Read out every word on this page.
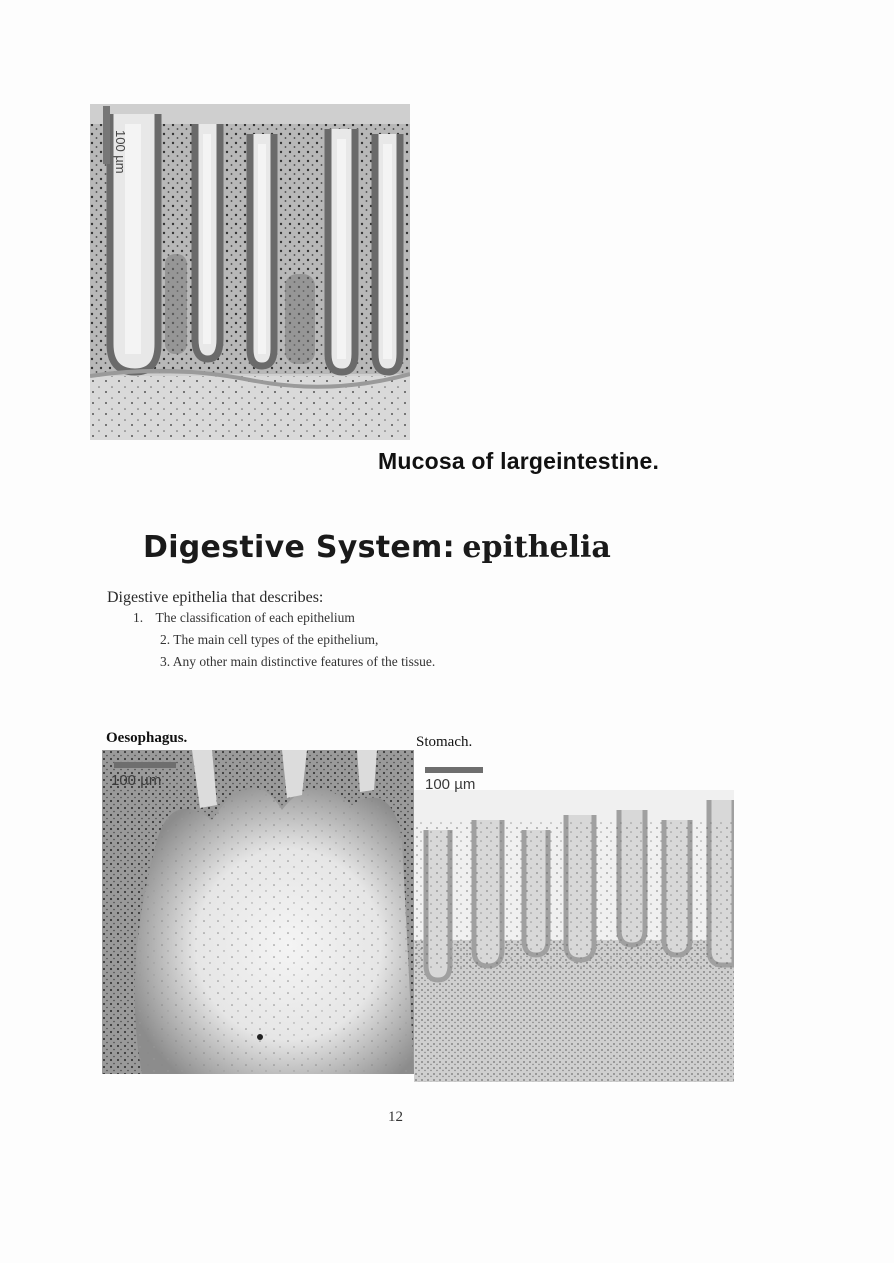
100 µm
Mucosa of largeintestine.
Digestive System: epithelia
Digestive epithelia that describes:
1. The classification of each epithelium
2. The main cell types of the epithelium,
3. Any other main distinctive features of the tissue.
Oesophagus.	Stomach.
100 µm	100 µm
12
